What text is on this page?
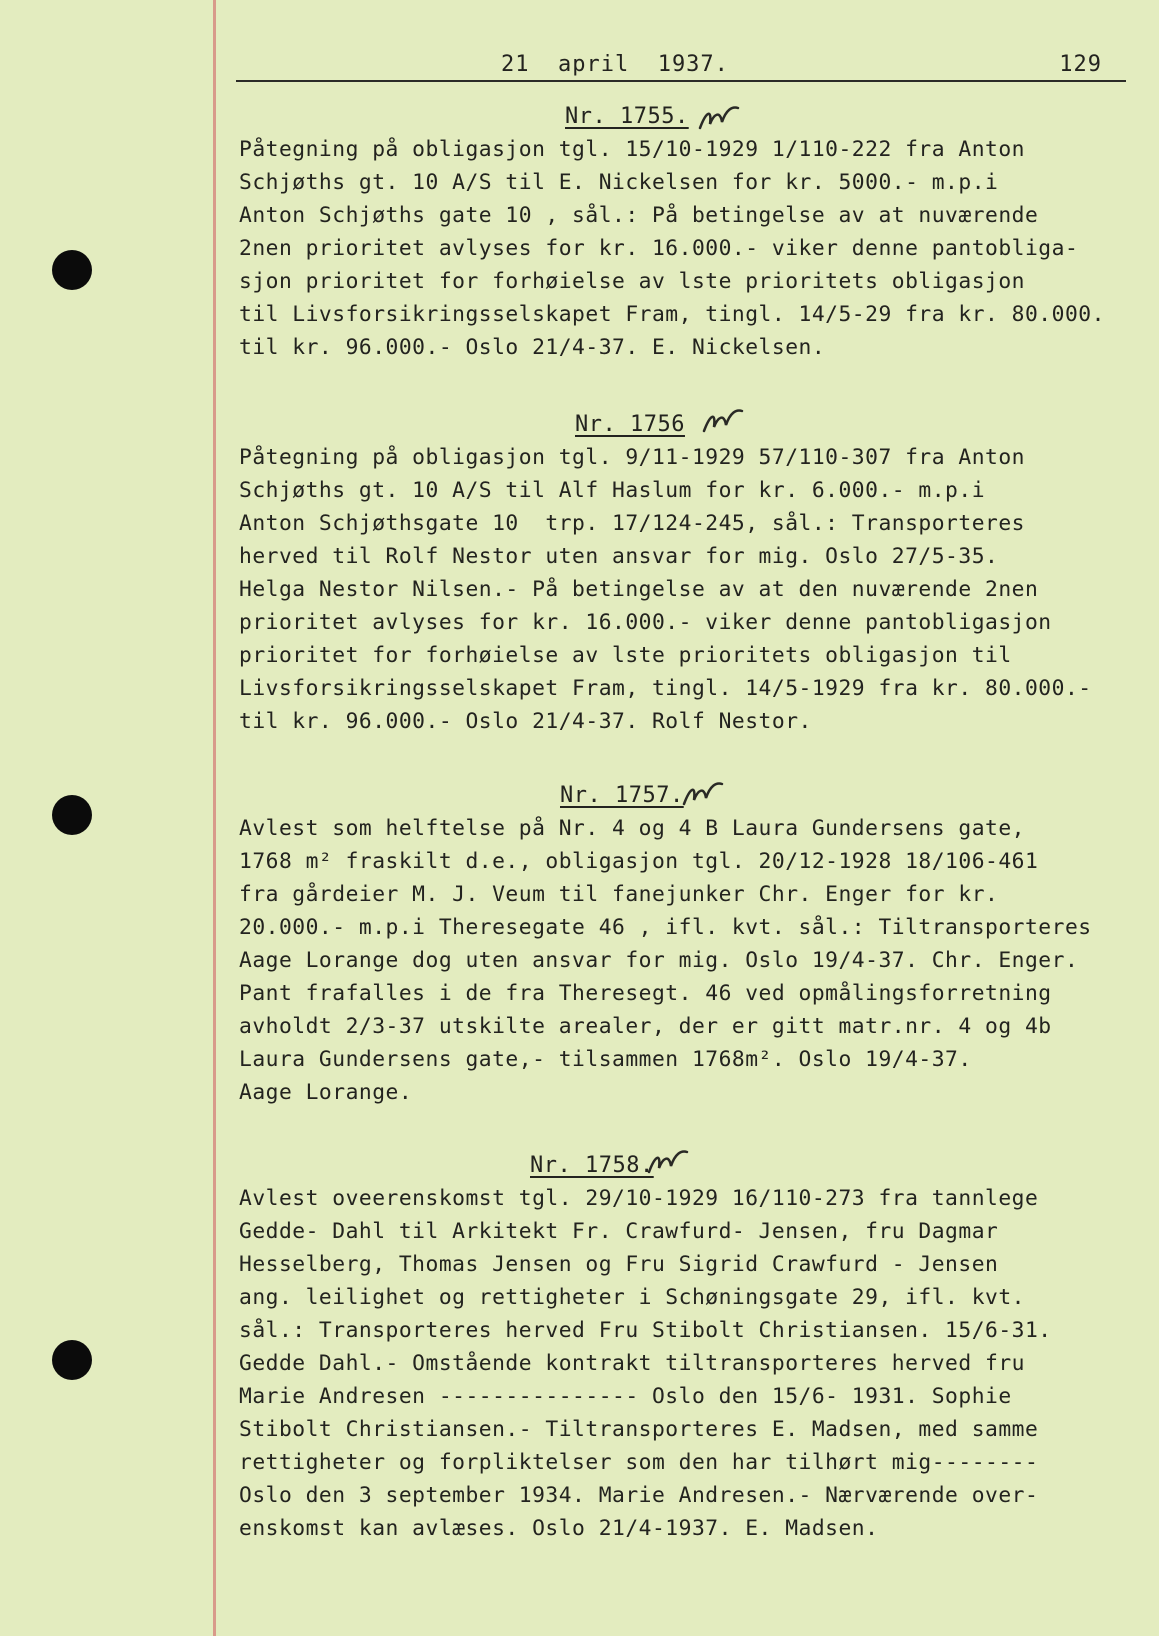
21  april  1937.	129
Nr. 1755.
Påtegning på obligasjon tgl. 15/10-1929 1/110-222 fra Anton
Schjøths gt. 10 A/S til E. Nickelsen for kr. 5000.- m.p.i
Anton Schjøths gate 10 , sål.: På betingelse av at nuværende
2nen prioritet avlyses for kr. 16.000.- viker denne pantobliga-
sjon prioritet for forhøielse av lste prioritets obligasjon
til Livsforsikringsselskapet Fram, tingl. 14/5-29 fra kr. 80.000.
til kr. 96.000.- Oslo 21/4-37. E. Nickelsen.
Nr. 1756
Påtegning på obligasjon tgl. 9/11-1929 57/110-307 fra Anton
Schjøths gt. 10 A/S til Alf Haslum for kr. 6.000.- m.p.i
Anton Schjøthsgate 10  trp. 17/124-245, sål.: Transporteres
herved til Rolf Nestor uten ansvar for mig. Oslo 27/5-35.
Helga Nestor Nilsen.- På betingelse av at den nuværende 2nen
prioritet avlyses for kr. 16.000.- viker denne pantobligasjon
prioritet for forhøielse av lste prioritets obligasjon til
Livsforsikringsselskapet Fram, tingl. 14/5-1929 fra kr. 80.000.-
til kr. 96.000.- Oslo 21/4-37. Rolf Nestor.
Nr. 1757.
Avlest som helftelse på Nr. 4 og 4 B Laura Gundersens gate,
1768 m² fraskilt d.e., obligasjon tgl. 20/12-1928 18/106-461
fra gårdeier M. J. Veum til fanejunker Chr. Enger for kr.
20.000.- m.p.i Theresegate 46 , ifl. kvt. sål.: Tiltransporteres
Aage Lorange dog uten ansvar for mig. Oslo 19/4-37. Chr. Enger.
Pant frafalles i de fra Theresegt. 46 ved opmålingsforretning
avholdt 2/3-37 utskilte arealer, der er gitt matr.nr. 4 og 4b
Laura Gundersens gate,- tilsammen 1768m². Oslo 19/4-37.
Aage Lorange.
Nr. 1758.
Avlest oveerenskomst tgl. 29/10-1929 16/110-273 fra tannlege
Gedde- Dahl til Arkitekt Fr. Crawfurd- Jensen, fru Dagmar
Hesselberg, Thomas Jensen og Fru Sigrid Crawfurd - Jensen
ang. leilighet og rettigheter i Schøningsgate 29, ifl. kvt.
sål.: Transporteres herved Fru Stibolt Christiansen. 15/6-31.
Gedde Dahl.- Omstående kontrakt tiltransporteres herved fru
Marie Andresen --------------- Oslo den 15/6- 1931. Sophie
Stibolt Christiansen.- Tiltransporteres E. Madsen, med samme
rettigheter og forpliktelser som den har tilhørt mig--------
Oslo den 3 september 1934. Marie Andresen.- Nærværende over-
enskomst kan avlæses. Oslo 21/4-1937. E. Madsen.
